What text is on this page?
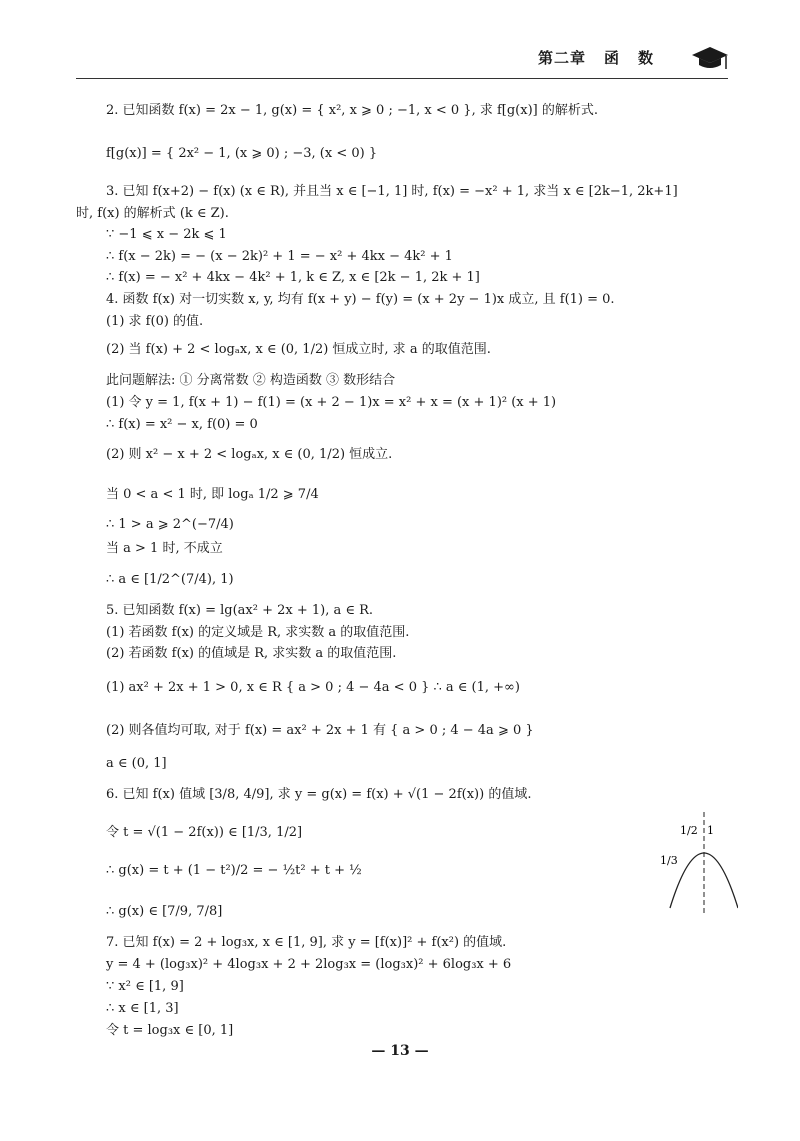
第二章 函 数
2. 已知函数 f(x) = 2x − 1, g(x) = { x², x ⩾ 0 ; −1, x < 0 }, 求 f[g(x)] 的解析式.
f[g(x)] = { 2x² − 1, (x ⩾ 0) ; −3, (x < 0) }
3. 已知 f(x+2) − f(x) (x ∈ R), 并且当 x ∈ [−1, 1] 时, f(x) = −x² + 1, 求当 x ∈ [2k−1, 2k+1]
时, f(x) 的解析式 (k ∈ Z).
∵ −1 ⩽ x − 2k ⩽ 1
∴ f(x − 2k) = − (x − 2k)² + 1 = − x² + 4kx − 4k² + 1
∴ f(x) = − x² + 4kx − 4k² + 1, k ∈ Z, x ∈ [2k − 1, 2k + 1]
4. 函数 f(x) 对一切实数 x, y, 均有 f(x + y) − f(y) = (x + 2y − 1)x 成立, 且 f(1) = 0.
(1) 求 f(0) 的值.
(2) 当 f(x) + 2 < logₐx, x ∈ (0, 1/2) 恒成立时, 求 a 的取值范围.
此问题解法: ① 分离常数 ② 构造函数 ③ 数形结合
(1) 令 y = 1, f(x + 1) − f(1) = (x + 2 − 1)x = x² + x = (x + 1)² (x + 1)
∴ f(x) = x² − x, f(0) = 0
(2) 则 x² − x + 2 < logₐx, x ∈ (0, 1/2) 恒成立.
当 0 < a < 1 时, 即 logₐ 1/2 ⩾ 7/4
∴ 1 > a ⩾ 2^(−7/4)
当 a > 1 时, 不成立
∴ a ∈ [1/2^(7/4), 1)
5. 已知函数 f(x) = lg(ax² + 2x + 1), a ∈ R.
(1) 若函数 f(x) 的定义域是 R, 求实数 a 的取值范围.
(2) 若函数 f(x) 的值域是 R, 求实数 a 的取值范围.
(1) ax² + 2x + 1 > 0, x ∈ R { a > 0 ; 4 − 4a < 0 } ∴ a ∈ (1, +∞)
(2) 则各值均可取, 对于 f(x) = ax² + 2x + 1 有 { a > 0 ; 4 − 4a ⩾ 0 }
a ∈ (0, 1]
6. 已知 f(x) 值域 [3/8, 4/9], 求 y = g(x) = f(x) + √(1 − 2f(x)) 的值域.
令 t = √(1 − 2f(x)) ∈ [1/3, 1/2]
∴ g(x) = t + (1 − t²)/2 = − ½t² + t + ½
∴ g(x) ∈ [7/9, 7/8]
7. 已知 f(x) = 2 + log₃x, x ∈ [1, 9], 求 y = [f(x)]² + f(x²) 的值域.
y = 4 + (log₃x)² + 4log₃x + 2 + 2log₃x = (log₃x)² + 6log₃x + 6
∵ x² ∈ [1, 9]
∴ x ∈ [1, 3]
令 t = log₃x ∈ [0, 1]
1/2 1
1/3
— 13 —
